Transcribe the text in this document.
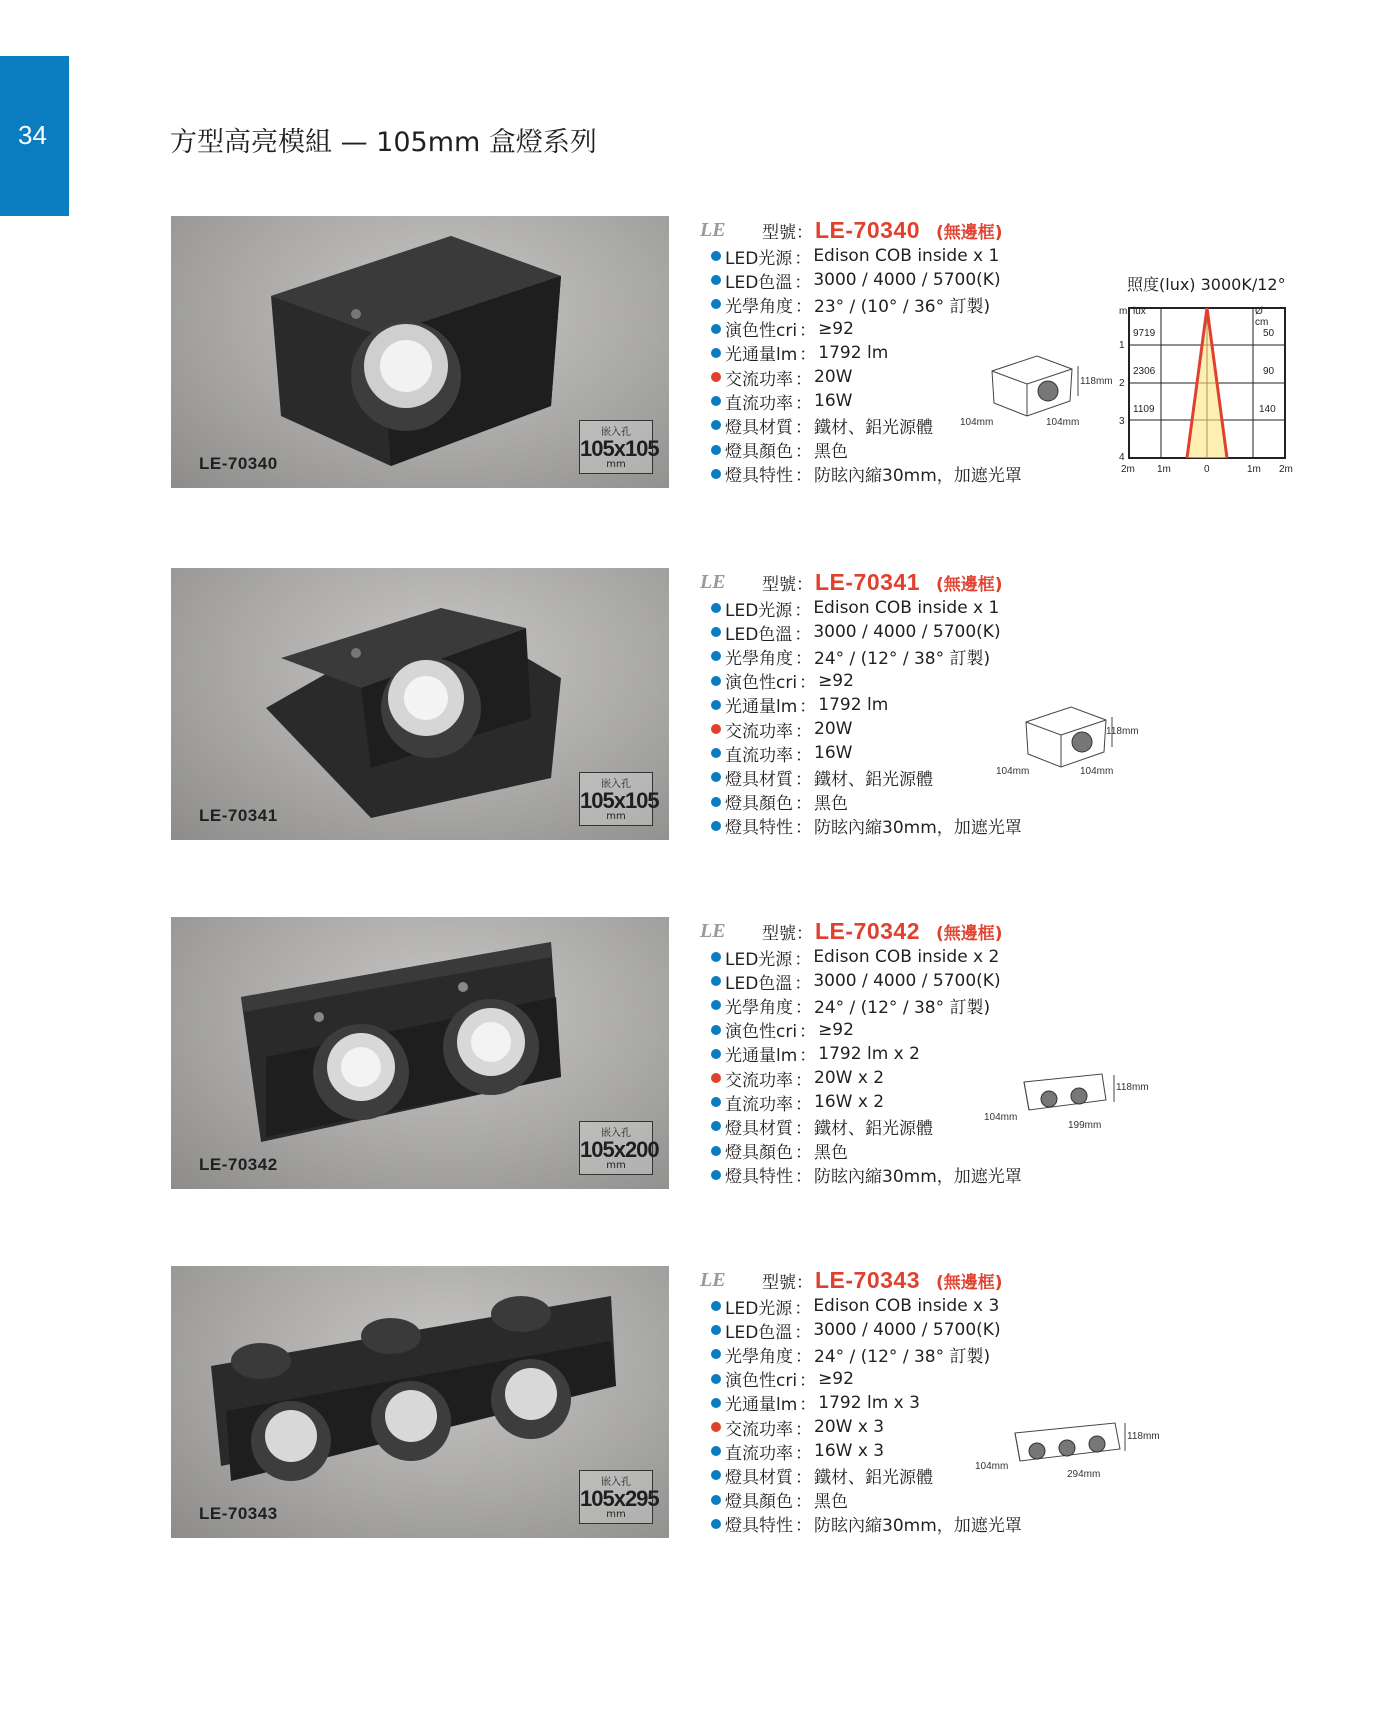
34	方型高亮模組 — 105mm 盒燈系列
LE-70340
嵌入孔
105x105
mm
LE	型號： LE-70340 (無邊框)
LED光源 ： Edison COB inside x 1
LED色溫 ： 3000 / 4000 / 5700(K)
光學角度 ： 23° / (10° / 36° 訂製)
演色性cri ： ≥92
光通量lm ： 1792 lm
交流功率 ： 20W
直流功率 ： 16W
燈具材質 ： 鐵材、鋁光源體
燈具顏色 ： 黑色
燈具特性 ： 防眩內縮30mm，加遮光罩
118mm
104mm	104mm
LE-70341
嵌入孔
105x105
mm
LE	型號： LE-70341 (無邊框)
LED光源 ： Edison COB inside x 1
LED色溫 ： 3000 / 4000 / 5700(K)
光學角度 ： 24° / (12° / 38° 訂製)
演色性cri ： ≥92
光通量lm ： 1792 lm
交流功率 ： 20W
直流功率 ： 16W
燈具材質 ： 鐵材、鋁光源體
燈具顏色 ： 黑色
燈具特性 ： 防眩內縮30mm，加遮光罩
118mm
104mm	104mm
LE-70342
嵌入孔
105x200
mm
LE	型號： LE-70342 (無邊框)
LED光源 ： Edison COB inside x 2
LED色溫 ： 3000 / 4000 / 5700(K)
光學角度 ： 24° / (12° / 38° 訂製)
演色性cri ： ≥92
光通量lm ： 1792 lm x 2
交流功率 ： 20W x 2
直流功率 ： 16W x 2
燈具材質 ： 鐵材、鋁光源體
燈具顏色 ： 黑色
燈具特性 ： 防眩內縮30mm，加遮光罩
118mm
104mm
199mm
LE-70343
嵌入孔
105x295
mm
LE	型號： LE-70343 (無邊框)
LED光源 ： Edison COB inside x 3
LED色溫 ： 3000 / 4000 / 5700(K)
光學角度 ： 24° / (12° / 38° 訂製)
演色性cri ： ≥92
光通量lm ： 1792 lm x 3
交流功率 ： 20W x 3
直流功率 ： 16W x 3
燈具材質 ： 鐵材、鋁光源體
燈具顏色 ： 黑色
燈具特性 ： 防眩內縮30mm，加遮光罩
118mm
104mm
294mm
照度(lux) 3000K/12°
m lux	Ø cm
1
9719	50
2
2306	90
3
1109	140
4
2m 1m	0	1m 2m
